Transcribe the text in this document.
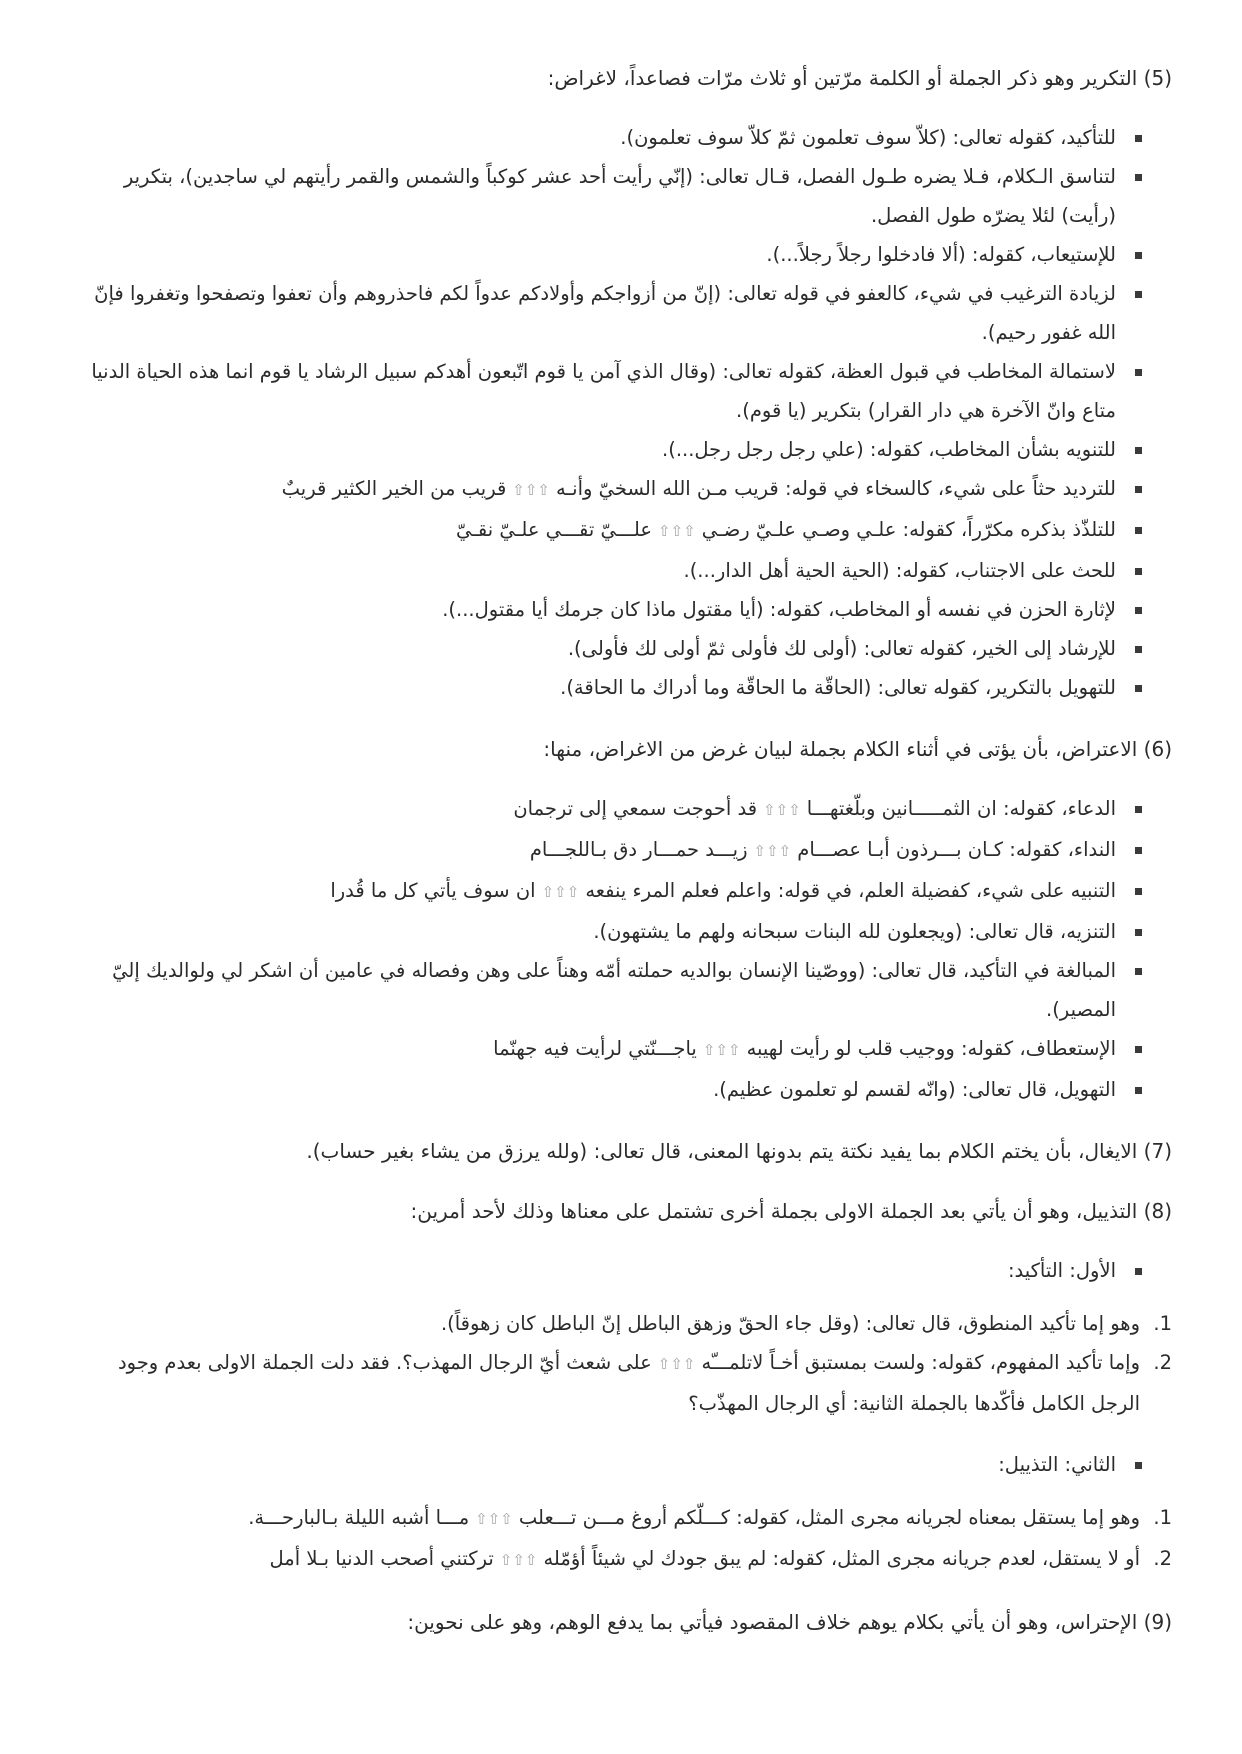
(5) التكرير وهو ذكر الجملة أو الكلمة مرّتين أو ثلاث مرّات فصاعداً، لاغراض:

للتأكيد، كقوله تعالى: (كلاّ سوف تعلمون ثمّ كلاّ سوف تعلمون).
لتناسق الـكلام، فـلا يضره طـول الفصل، قـال تعالى: (إنّي رأيت أحد عشر كوكباً والشمس والقمر رأيتهم لي ساجدين)، بتكرير (رأيت) لئلا يضرّه طول الفصل.
للإستيعاب، كقوله: (ألا فادخلوا رجلاً رجلاً...).
لزيادة الترغيب في شيء، كالعفو في قوله تعالى: (إنّ من أزواجكم وأولادكم عدواً لكم فاحذروهم وأن تعفوا وتصفحوا وتغفروا فإنّ الله غفور رحيم).
لاستمالة المخاطب في قبول العظة، كقوله تعالى: (وقال الذي آمن يا قوم اتّبعون أهدكم سبيل الرشاد يا قوم انما هذه الحياة الدنيا متاع وانّ الآخرة هي دار القرار) بتكرير (يا قوم).
للتنويه بشأن المخاطب، كقوله: (علي رجل رجل رجل...).
للترديد حثاً على شيء، كالسخاء في قوله: قريب مـن الله السخيّ وأنـه⇧⇧⇧قريب من الخير الكثير قريبٌ
للتلذّذ بذكره مكرّراً، كقوله: علـي وصـي علـيّ رضـي⇧⇧⇧علـــيّ تقـــي علـيّ نقـيّ
للحث على الاجتناب، كقوله: (الحية الحية أهل الدار...).
لإثارة الحزن في نفسه أو المخاطب، كقوله: (أيا مقتول ماذا كان جرمك أيا مقتول...).
للإرشاد إلى الخير، كقوله تعالى: (أولى لك فأولى ثمّ أولى لك فأولى).
للتهويل بالتكرير، كقوله تعالى: (الحاقّة ما الحاقّة وما أدراك ما الحاقة).

(6) الاعتراض، بأن يؤتى في أثناء الكلام بجملة لبيان غرض من الاغراض، منها:

الدعاء، كقوله: ان الثمـــــانين وبلّغتهـــا⇧⇧⇧قد أحوجت سمعي إلى ترجمان
النداء، كقوله: كـان بـــرذون أبـا عصـــام⇧⇧⇧زيـــد حمـــار دق بـاللجـــام
التنبيه على شيء، كفضيلة العلم، في قوله: واعلم فعلم المرء ينفعه⇧⇧⇧ان سوف يأتي كل ما قُدرا
التنزيه، قال تعالى: (ويجعلون لله البنات سبحانه ولهم ما يشتهون).
المبالغة في التأكيد، قال تعالى: (ووصّينا الإنسان بوالديه حملته أمّه وهناً على وهن وفصاله في عامين أن اشكر لي ولوالديك إليّ المصير).
الإستعطاف، كقوله: ووجيب قلب لو رأيت لهيبه⇧⇧⇧ياجـــنّتي لرأيت فيه جهنّما
التهويل، قال تعالى: (وانّه لقسم لو تعلمون عظيم).

(7) الايغال، بأن يختم الكلام بما يفيد نكتة يتم بدونها المعنى، قال تعالى: (ولله يرزق من يشاء بغير حساب).

(8) التذييل، وهو أن يأتي بعد الجملة الاولى بجملة أخرى تشتمل على معناها وذلك لأحد أمرين:

الأول: التأكيد:
1.
وهو إما تأكيد المنطوق، قال تعالى: (وقل جاء الحقّ وزهق الباطل إنّ الباطل كان زهوقاً).
2.
وإما تأكيد المفهوم، كقوله: ولست بمستبق أخـاً لاتلمـــّه⇧⇧⇧على شعث أيّ الرجال المهذب؟. فقد دلت الجملة الاولى بعدم وجود الرجل الكامل فأكّدها بالجملة الثانية: أي الرجال المهذّب؟
الثاني: التذييل:
1.
وهو إما يستقل بمعناه لجريانه مجرى المثل، كقوله: كـــلّكم أروغ مـــن تـــعلب⇧⇧⇧مـــا أشبه الليلة بـالبارحـــة.
2.
أو لا يستقل، لعدم جريانه مجرى المثل، كقوله: لم يبق جودك لي شيئاً أؤمّله⇧⇧⇧تركتني أصحب الدنيا بـلا أمل

(9) الإحتراس، وهو أن يأتي بكلام يوهم خلاف المقصود فيأتي بما يدفع الوهم، وهو على نحوين:
